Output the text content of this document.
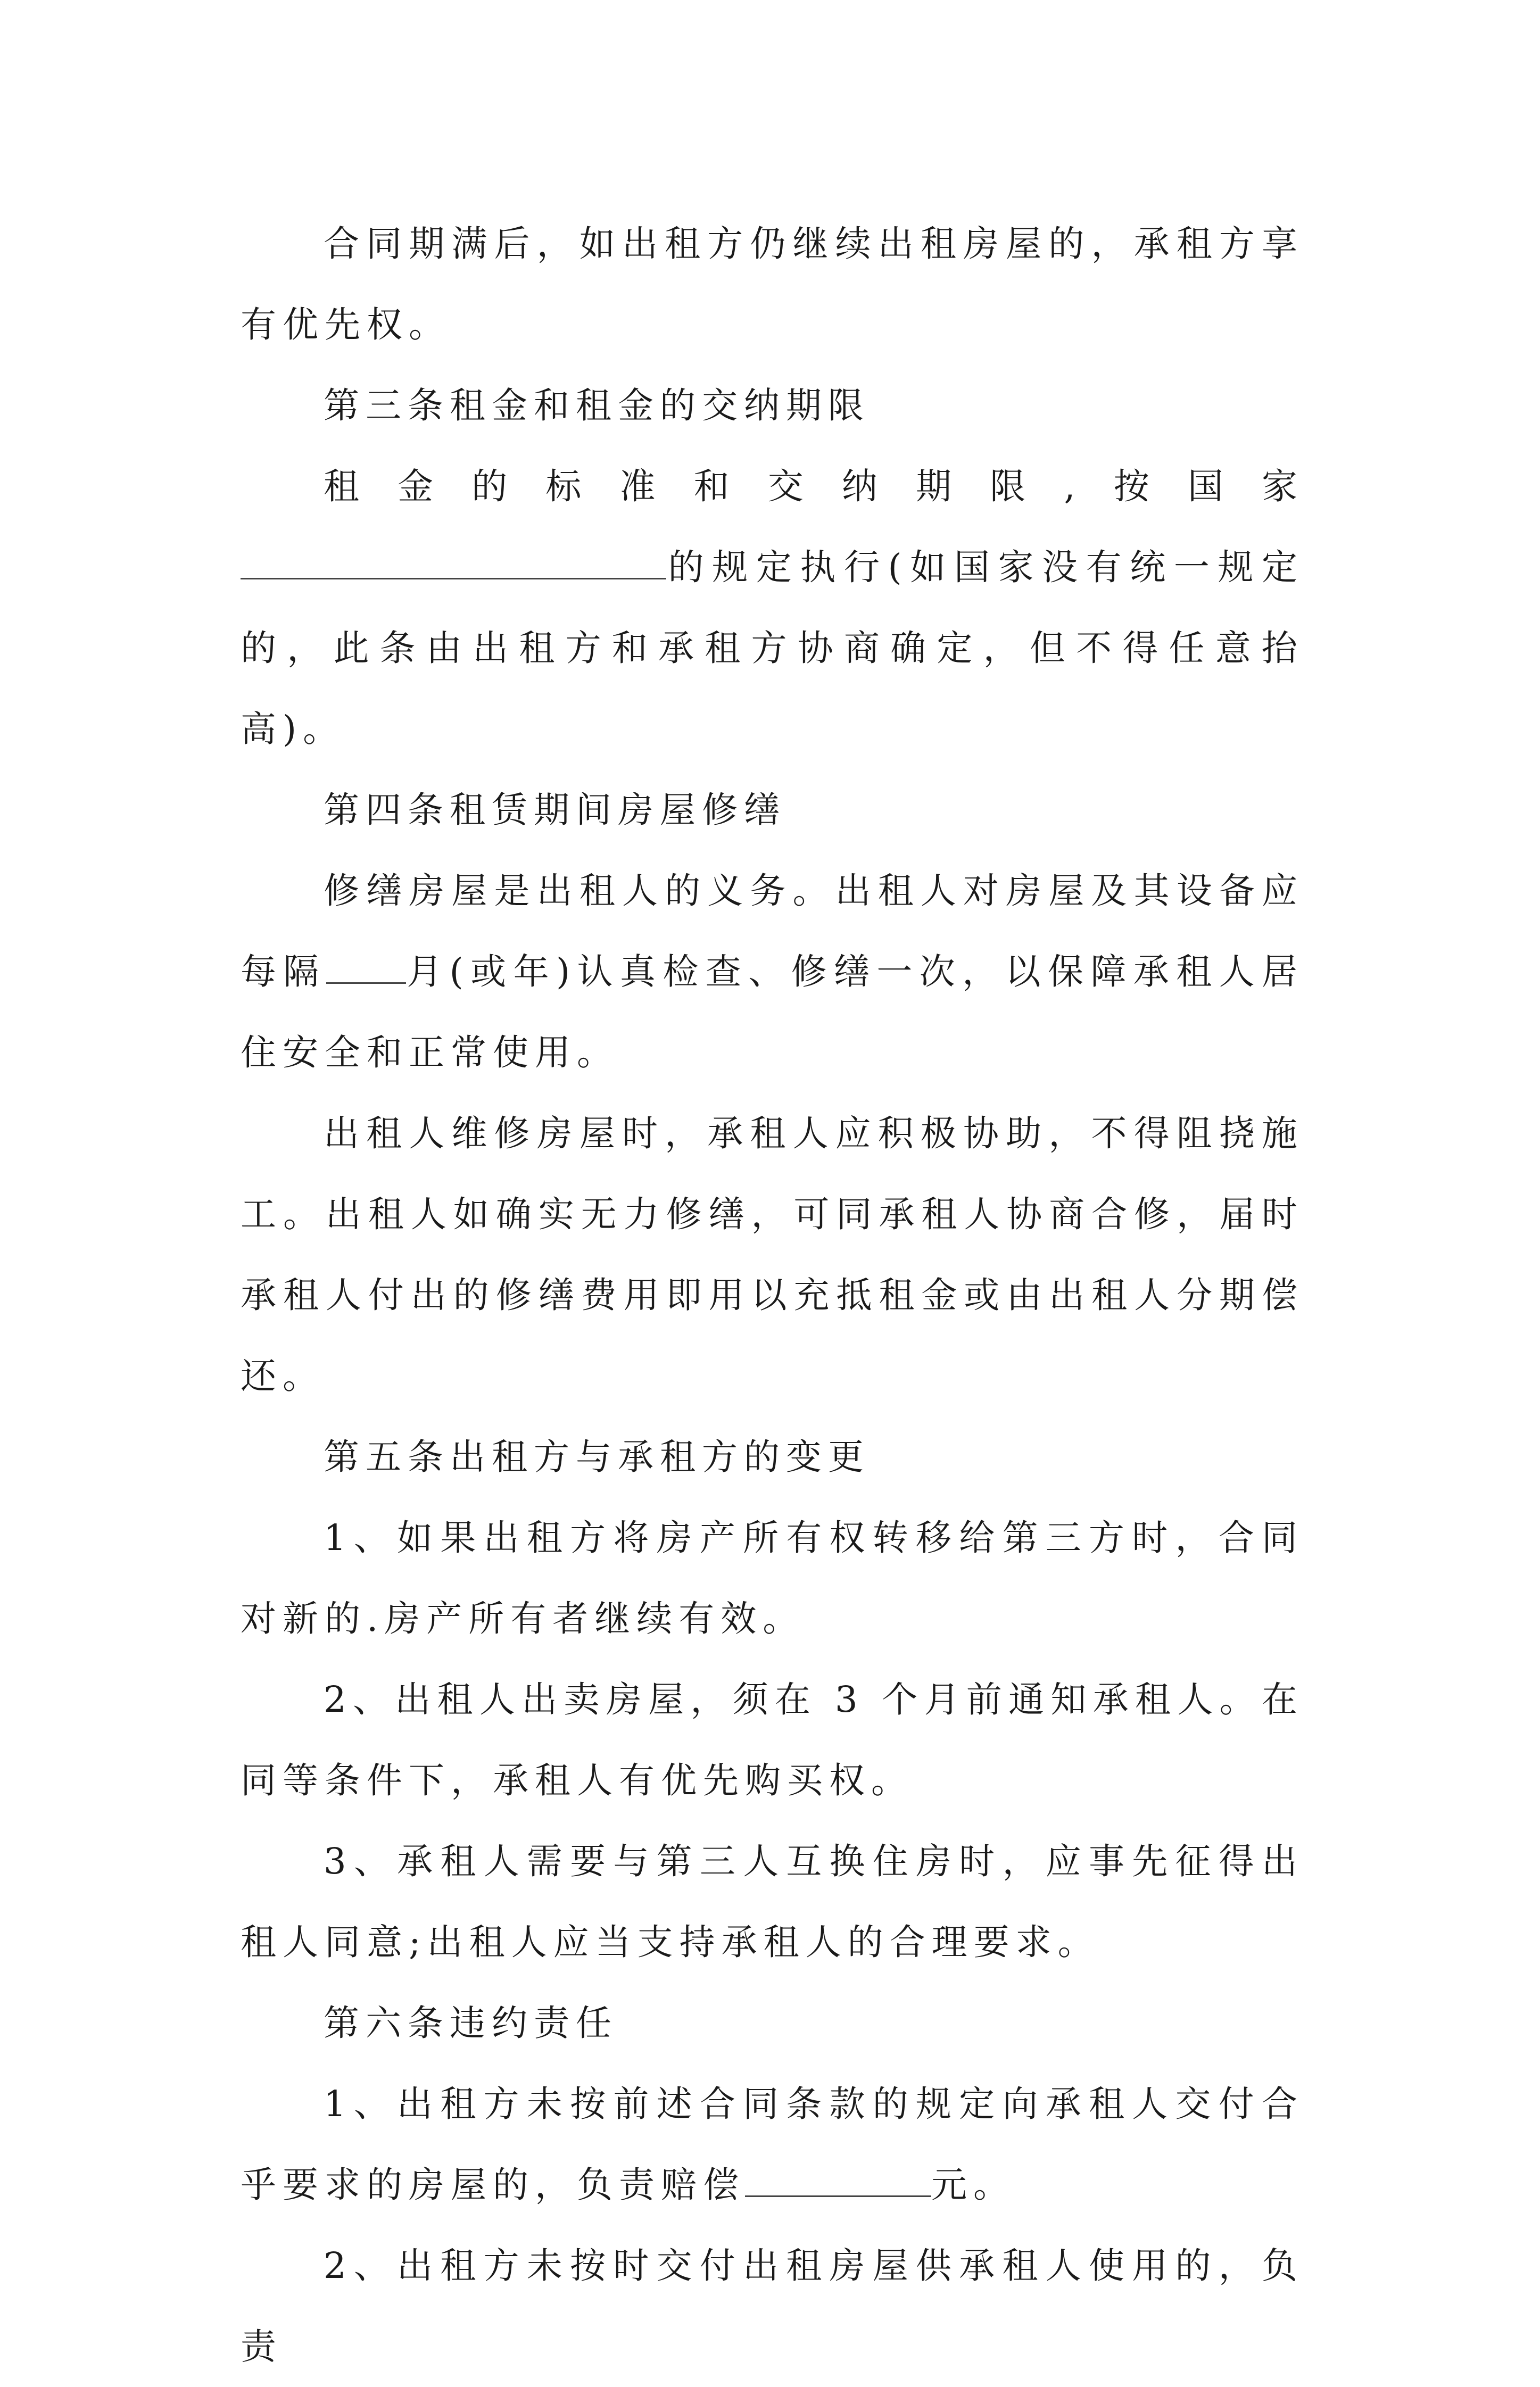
合同期满后，如出租方仍继续出租房屋的，承租方享有优先权。

第三条租金和租金的交纳期限

租金的标准和交纳期限,按国家的规定执行(如国家没有统一规定的，此条由出租方和承租方协商确定，但不得任意抬高)。

第四条租赁期间房屋修缮

修缮房屋是出租人的义务。出租人对房屋及其设备应每隔 月(或年)认真检查、修缮一次，以保障承租人居住安全和正常使用。

出租人维修房屋时，承租人应积极协助，不得阻挠施工。出租人如确实无力修缮，可同承租人协商合修，届时承租人付出的修缮费用即用以充抵租金或由出租人分期偿还。

第五条出租方与承租方的变更

1、如果出租方将房产所有权转移给第三方时，合同对新的.房产所有者继续有效。

2、出租人出卖房屋，须在 3 个月前通知承租人。在同等条件下，承租人有优先购买权。

3、承租人需要与第三人互换住房时，应事先征得出租人同意;出租人应当支持承租人的合理要求。

第六条违约责任

1、出租方未按前述合同条款的规定向承租人交付合乎要求的房屋的，负责赔偿	元。

2、出租方未按时交付出租房屋供承租人使用的，负责
